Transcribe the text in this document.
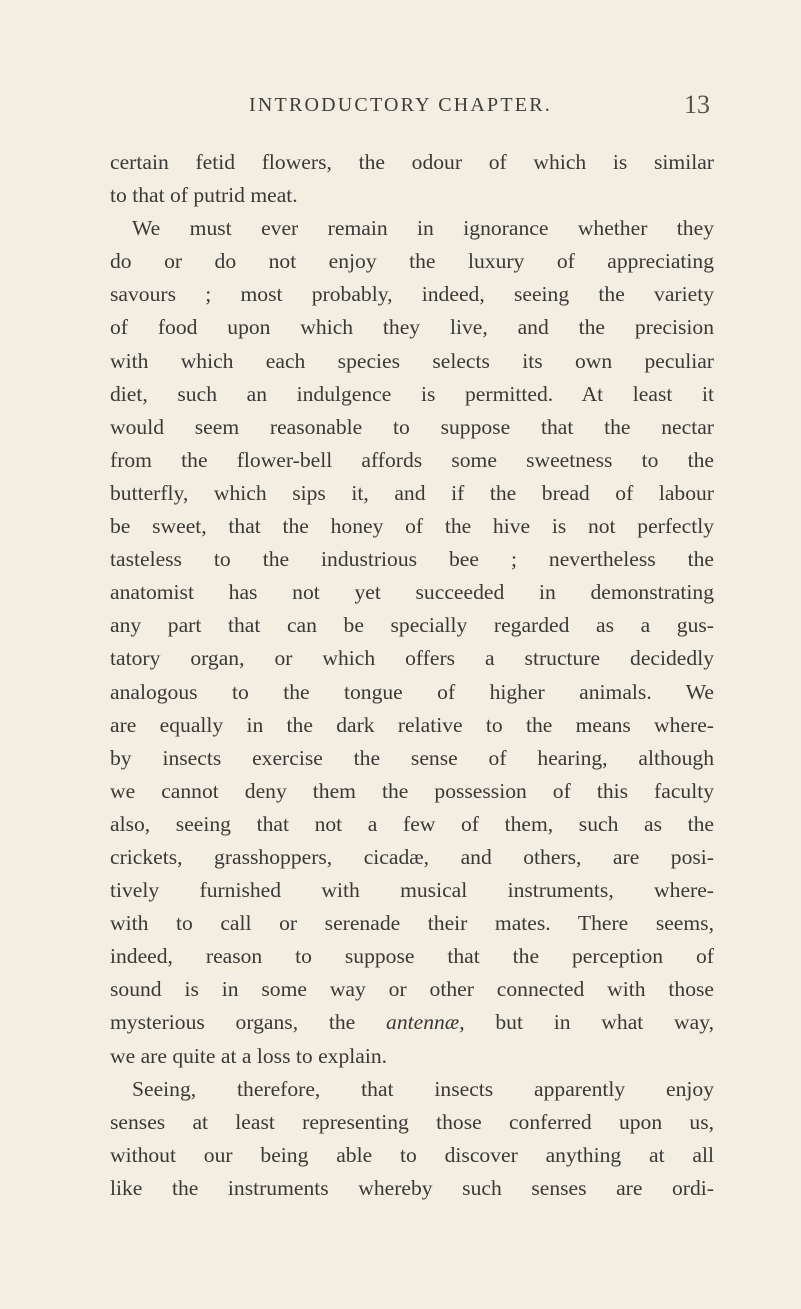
INTRODUCTORY CHAPTER.	13
certain fetid flowers, the odour of which is similar
to that of putrid meat.
We must ever remain in ignorance whether they
do or do not enjoy the luxury of appreciating
savours ; most probably, indeed, seeing the variety
of food upon which they live, and the precision
with which each species selects its own peculiar
diet, such an indulgence is permitted. At least it
would seem reasonable to suppose that the nectar
from the flower-bell affords some sweetness to the
butterfly, which sips it, and if the bread of labour
be sweet, that the honey of the hive is not perfectly
tasteless to the industrious bee ; nevertheless the
anatomist has not yet succeeded in demonstrating
any part that can be specially regarded as a gus-
tatory organ, or which offers a structure decidedly
analogous to the tongue of higher animals. We
are equally in the dark relative to the means where-
by insects exercise the sense of hearing, although
we cannot deny them the possession of this faculty
also, seeing that not a few of them, such as the
crickets, grasshoppers, cicadæ, and others, are posi-
tively furnished with musical instruments, where-
with to call or serenade their mates. There seems,
indeed, reason to suppose that the perception of
sound is in some way or other connected with those
mysterious organs, the antennæ, but in what way,
we are quite at a loss to explain.
Seeing, therefore, that insects apparently enjoy
senses at least representing those conferred upon us,
without our being able to discover anything at all
like the instruments whereby such senses are ordi-
